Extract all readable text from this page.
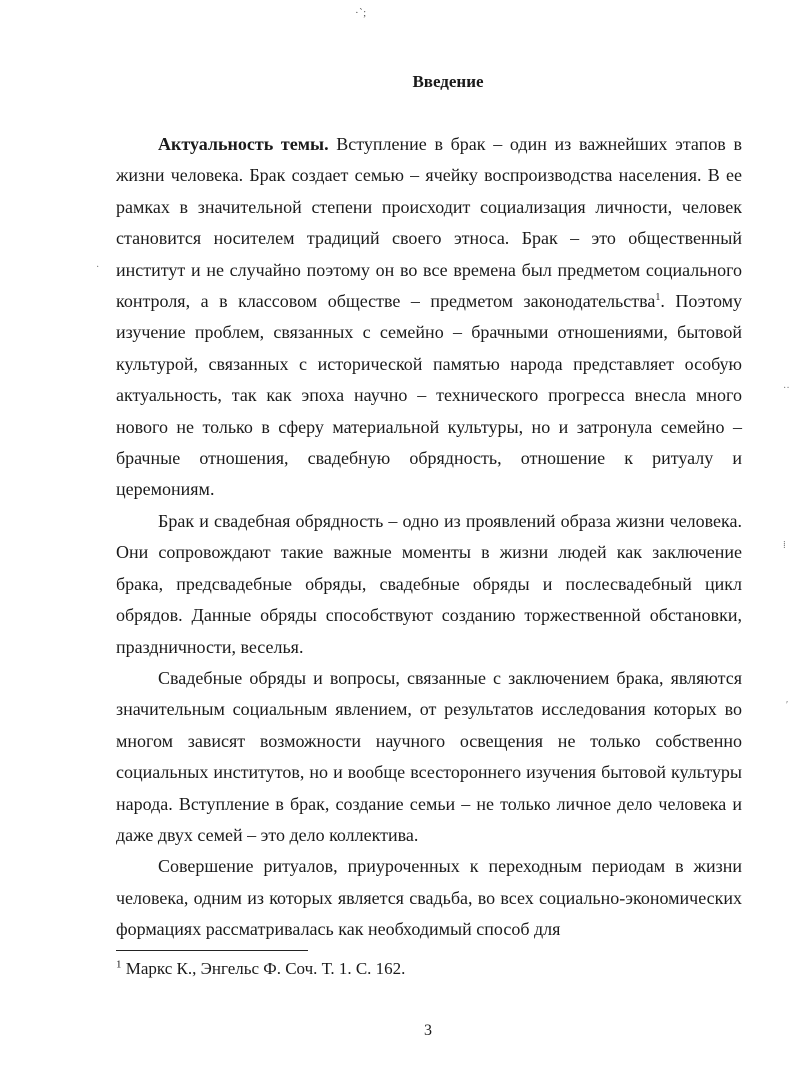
·‵;
Введение

Актуальность темы. Вступление в брак – один из важнейших этапов в жизни человека. Брак создает семью – ячейку воспроизводства населения. В ее рамках в значительной степени происходит социализация личности, человек становится носителем традиций своего этноса. Брак – это общественный институт и не случайно поэтому он во все времена был предметом социального контроля, а в классовом обществе – предметом законодательства$^1$. Поэтому изучение проблем, связанных с семейно – брачными отношениями, бытовой культурой, связанных с исторической памятью народа представляет особую актуальность, так как эпоха научно – технического прогресса внесла много нового не только в сферу материальной культуры, но и затронула семейно – брачные отношения, свадебную обрядность, отношение к ритуалу и церемониям.

Брак и свадебная обрядность – одно из проявлений образа жизни человека. Они сопровождают такие важные моменты в жизни людей как заключение брака, предсвадебные обряды, свадебные обряды и послесвадебный цикл обрядов. Данные обряды способствуют созданию торжественной обстановки, праздничности, веселья.

Свадебные обряды и вопросы, связанные с заключением брака, являются значительным социальным явлением, от результатов исследования которых во многом зависят возможности научного освещения не только собственно социальных институтов, но и вообще всестороннего изучения бытовой культуры народа. Вступление в брак, создание семьи – не только личное дело человека и даже двух семей – это дело коллектива.

Совершение ритуалов, приуроченных к переходным периодам в жизни человека, одним из которых является свадьба, во всех социально-экономических формациях рассматривалась как необходимый способ для

$^1$ Маркс К., Энгельс Ф. Соч. Т. 1. С. 162.
3
··
⁞
′
·
